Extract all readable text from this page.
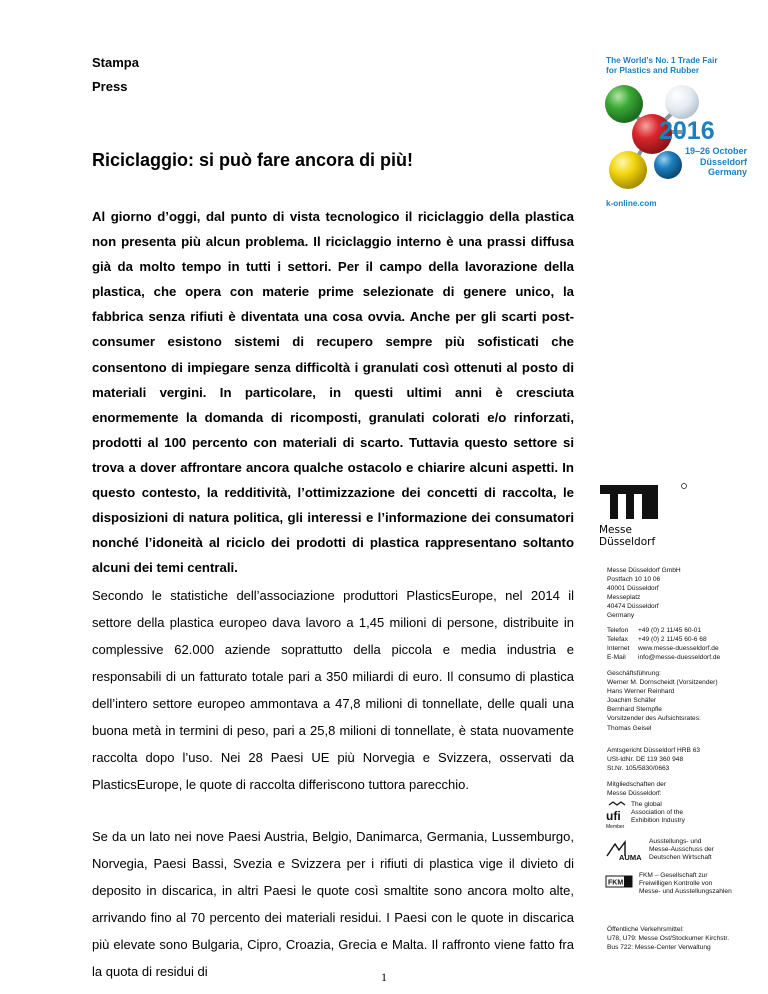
Stampa
Press
Riciclaggio: si può fare ancora di più!

Al giorno d’oggi, dal punto di vista tecnologico il riciclaggio della plastica non presenta più alcun problema. Il riciclaggio interno è una prassi diffusa già da molto tempo in tutti i settori. Per il campo della lavorazione della plastica, che opera con materie prime selezionate di genere unico, la fabbrica senza rifiuti è diventata una cosa ovvia. Anche per gli scarti post-consumer esistono sistemi di recupero sempre più sofisticati che consentono di impiegare senza difficoltà i granulati così ottenuti al posto di materiali vergini. In particolare, in questi ultimi anni è cresciuta enormemente la domanda di ricomposti, granulati colorati e/o rinforzati, prodotti al 100 percento con materiali di scarto. Tuttavia questo settore si trova a dover affrontare ancora qualche ostacolo e chiarire alcuni aspetti. In questo contesto, la redditività, l’ottimizzazione dei concetti di raccolta, le disposizioni di natura politica, gli interessi e l’informazione dei consumatori nonché l’idoneità al riciclo dei prodotti di plastica rappresentano soltanto alcuni dei temi centrali.

Secondo le statistiche dell’associazione produttori PlasticsEurope, nel 2014 il settore della plastica europeo dava lavoro a 1,45 milioni di persone, distribuite in complessive 62.000 aziende soprattutto della piccola e media industria e responsabili di un fatturato totale pari a 350 miliardi di euro. Il consumo di plastica dell’intero settore europeo ammontava a 47,8 milioni di tonnellate, delle quali una buona metà in termini di peso, pari a 25,8 milioni di tonnellate, è stata nuovamente raccolta dopo l’uso. Nei 28 Paesi UE più Norvegia e Svizzera, osservati da PlasticsEurope, le quote di raccolta differiscono tuttora parecchio.

Se da un lato nei nove Paesi Austria, Belgio, Danimarca, Germania, Lussemburgo, Norvegia, Paesi Bassi, Svezia e Svizzera per i rifiuti di plastica vige il divieto di deposito in discarica, in altri Paesi le quote così smaltite sono ancora molto alte, arrivando fino al 70 percento dei materiali residui. I Paesi con le quote in discarica più elevate sono Bulgaria, Cipro, Croazia, Grecia e Malta. Il raffronto viene fatto fra la quota di residui di	1
The World’s No. 1 Trade Fair
for Plastics and Rubber
2016
19–26 October
Düsseldorf
Germany
k-online.com
Messe
Düsseldorf
Messe Düsseldorf GmbH
Postfach 10 10 06
40001 Düsseldorf
Messeplatz
40474 Düsseldorf
Germany
Telefon	+49 (0) 2 11/45 60-01
Telefax	+49 (0) 2 11/45 60-6 68
Internet	www.messe-duesseldorf.de
E-Mail	info@messe-duesseldorf.de
Geschäftsführung:
Werner M. Dornscheidt (Vorsitzender)
Hans Werner Reinhard
Joachim Schäfer
Bernhard Stempfle
Vorsitzender des Aufsichtsrates:
Thomas Geisel
Amtsgericht Düsseldorf HRB 63
USt-IdNr. DE 119 360 948
St.Nr. 105/5830/0663
Mitgliedschaften der
Messe Düsseldorf:
ufi
Member
The global
Association of the
Exhibition Industry
AUMA
Ausstellungs- und
Messe-Ausschuss der
Deutschen Wirtschaft
FKM
FKM – Gesellschaft zur
Freiwilligen Kontrolle von
Messe- und Ausstellungszahlen
Öffentliche Verkehrsmittel:
U78, U79: Messe Ost/Stockumer Kirchstr.
Bus 722: Messe-Center Verwaltung
